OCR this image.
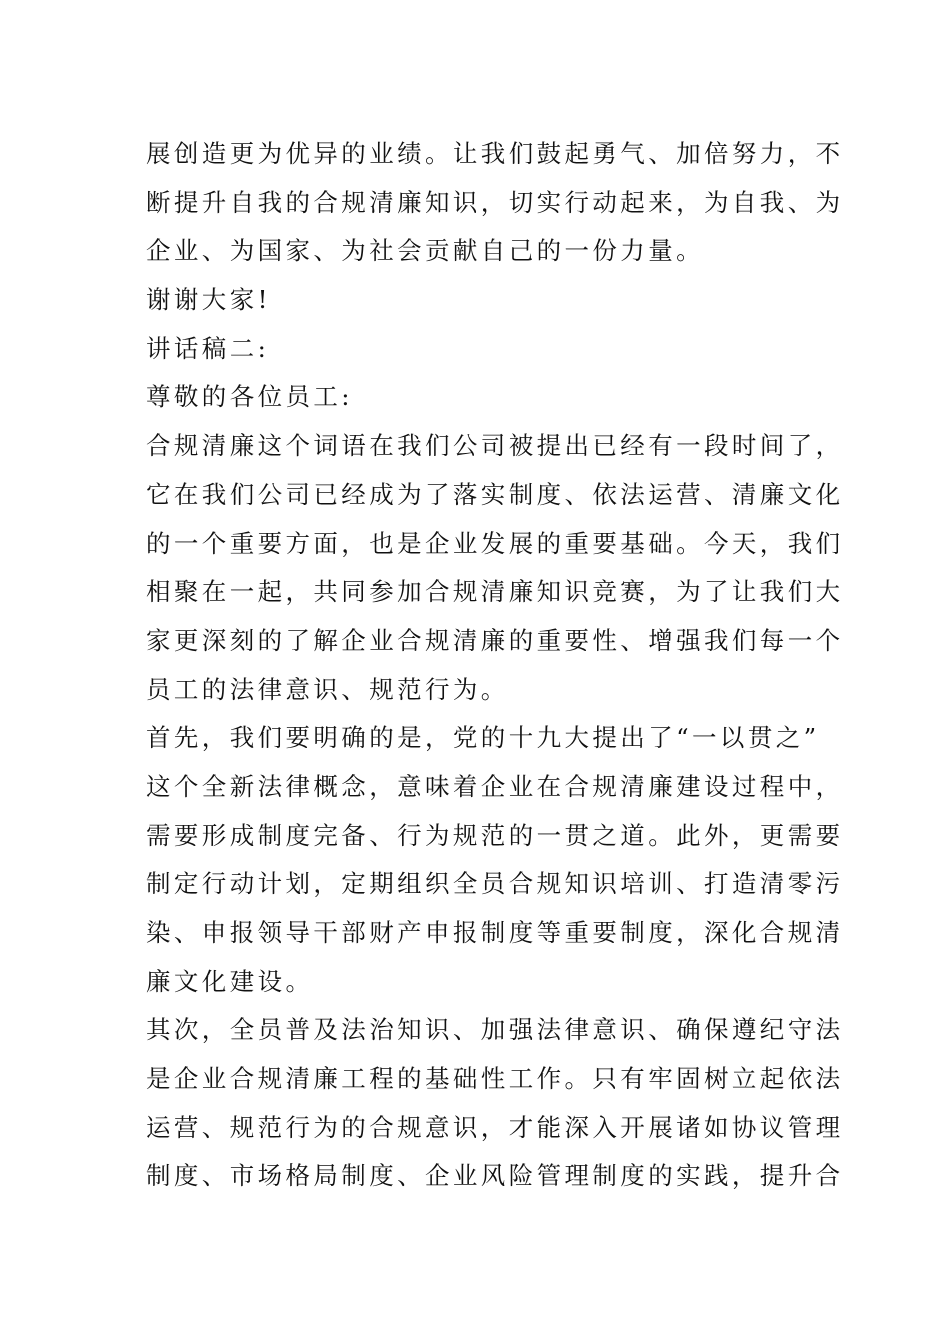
展创造更为优异的业绩。让我们鼓起勇气、加倍努力，不
断提升自我的合规清廉知识，切实行动起来，为自我、为
企业、为国家、为社会贡献自己的一份力量。

谢谢大家!

讲话稿二:

尊敬的各位员工:

合规清廉这个词语在我们公司被提出已经有一段时间了，
它在我们公司已经成为了落实制度、依法运营、清廉文化
的一个重要方面，也是企业发展的重要基础。今天，我们
相聚在一起，共同参加合规清廉知识竞赛，为了让我们大
家更深刻的了解企业合规清廉的重要性、增强我们每一个
员工的法律意识、规范行为。

首先，我们要明确的是，党的十九大提出了“一以贯之”
这个全新法律概念，意味着企业在合规清廉建设过程中，
需要形成制度完备、行为规范的一贯之道。此外，更需要
制定行动计划，定期组织全员合规知识培训、打造清零污
染、申报领导干部财产申报制度等重要制度，深化合规清
廉文化建设。

其次，全员普及法治知识、加强法律意识、确保遵纪守法
是企业合规清廉工程的基础性工作。只有牢固树立起依法
运营、规范行为的合规意识，才能深入开展诸如协议管理
制度、市场格局制度、企业风险管理制度的实践，提升合
